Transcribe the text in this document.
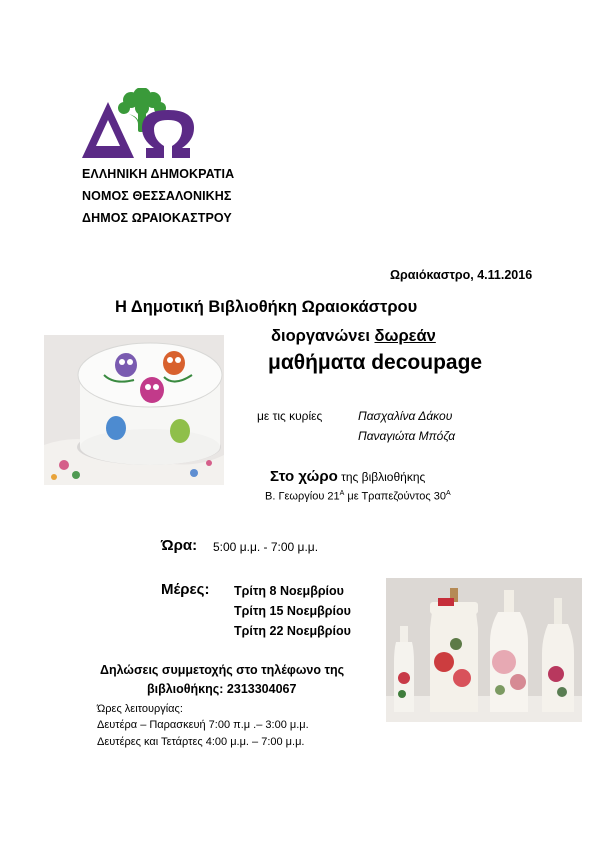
ΕΛΛΗΝΙΚΗ ΔΗΜΟΚΡΑΤΙΑ
ΝΟΜΟΣ ΘΕΣΣΑΛΟΝΙΚΗΣ
ΔΗΜΟΣ ΩΡΑΙΟΚΑΣΤΡΟΥ
Ωραιόκαστρο, 4.11.2016
Η Δημοτική Βιβλιοθήκη Ωραιοκάστρου
διοργανώνει δωρεάν
μαθήματα decoupage
με τις κυρίες	Πασχαλίνα Δάκου
Παναγιώτα Μπόζα
Στο χώρο της βιβλιοθήκης
Β. Γεωργίου $21^A$ με Τραπεζούντος $30^A$
Ώρα: 5:00 μ.μ. - 7:00 μ.μ.
Μέρες: Τρίτη 8 Νοεμβρίου
Τρίτη 15 Νοεμβρίου
Τρίτη 22 Νοεμβρίου
Δηλώσεις συμμετοχής στο τηλέφωνο της
βιβλιοθήκης: 2313304067
Ώρες λειτουργίας:
Δευτέρα – Παρασκευή 7:00 π.μ .– 3:00 μ.μ.
Δευτέρες και Τετάρτες 4:00 μ.μ. – 7:00 μ.μ.
